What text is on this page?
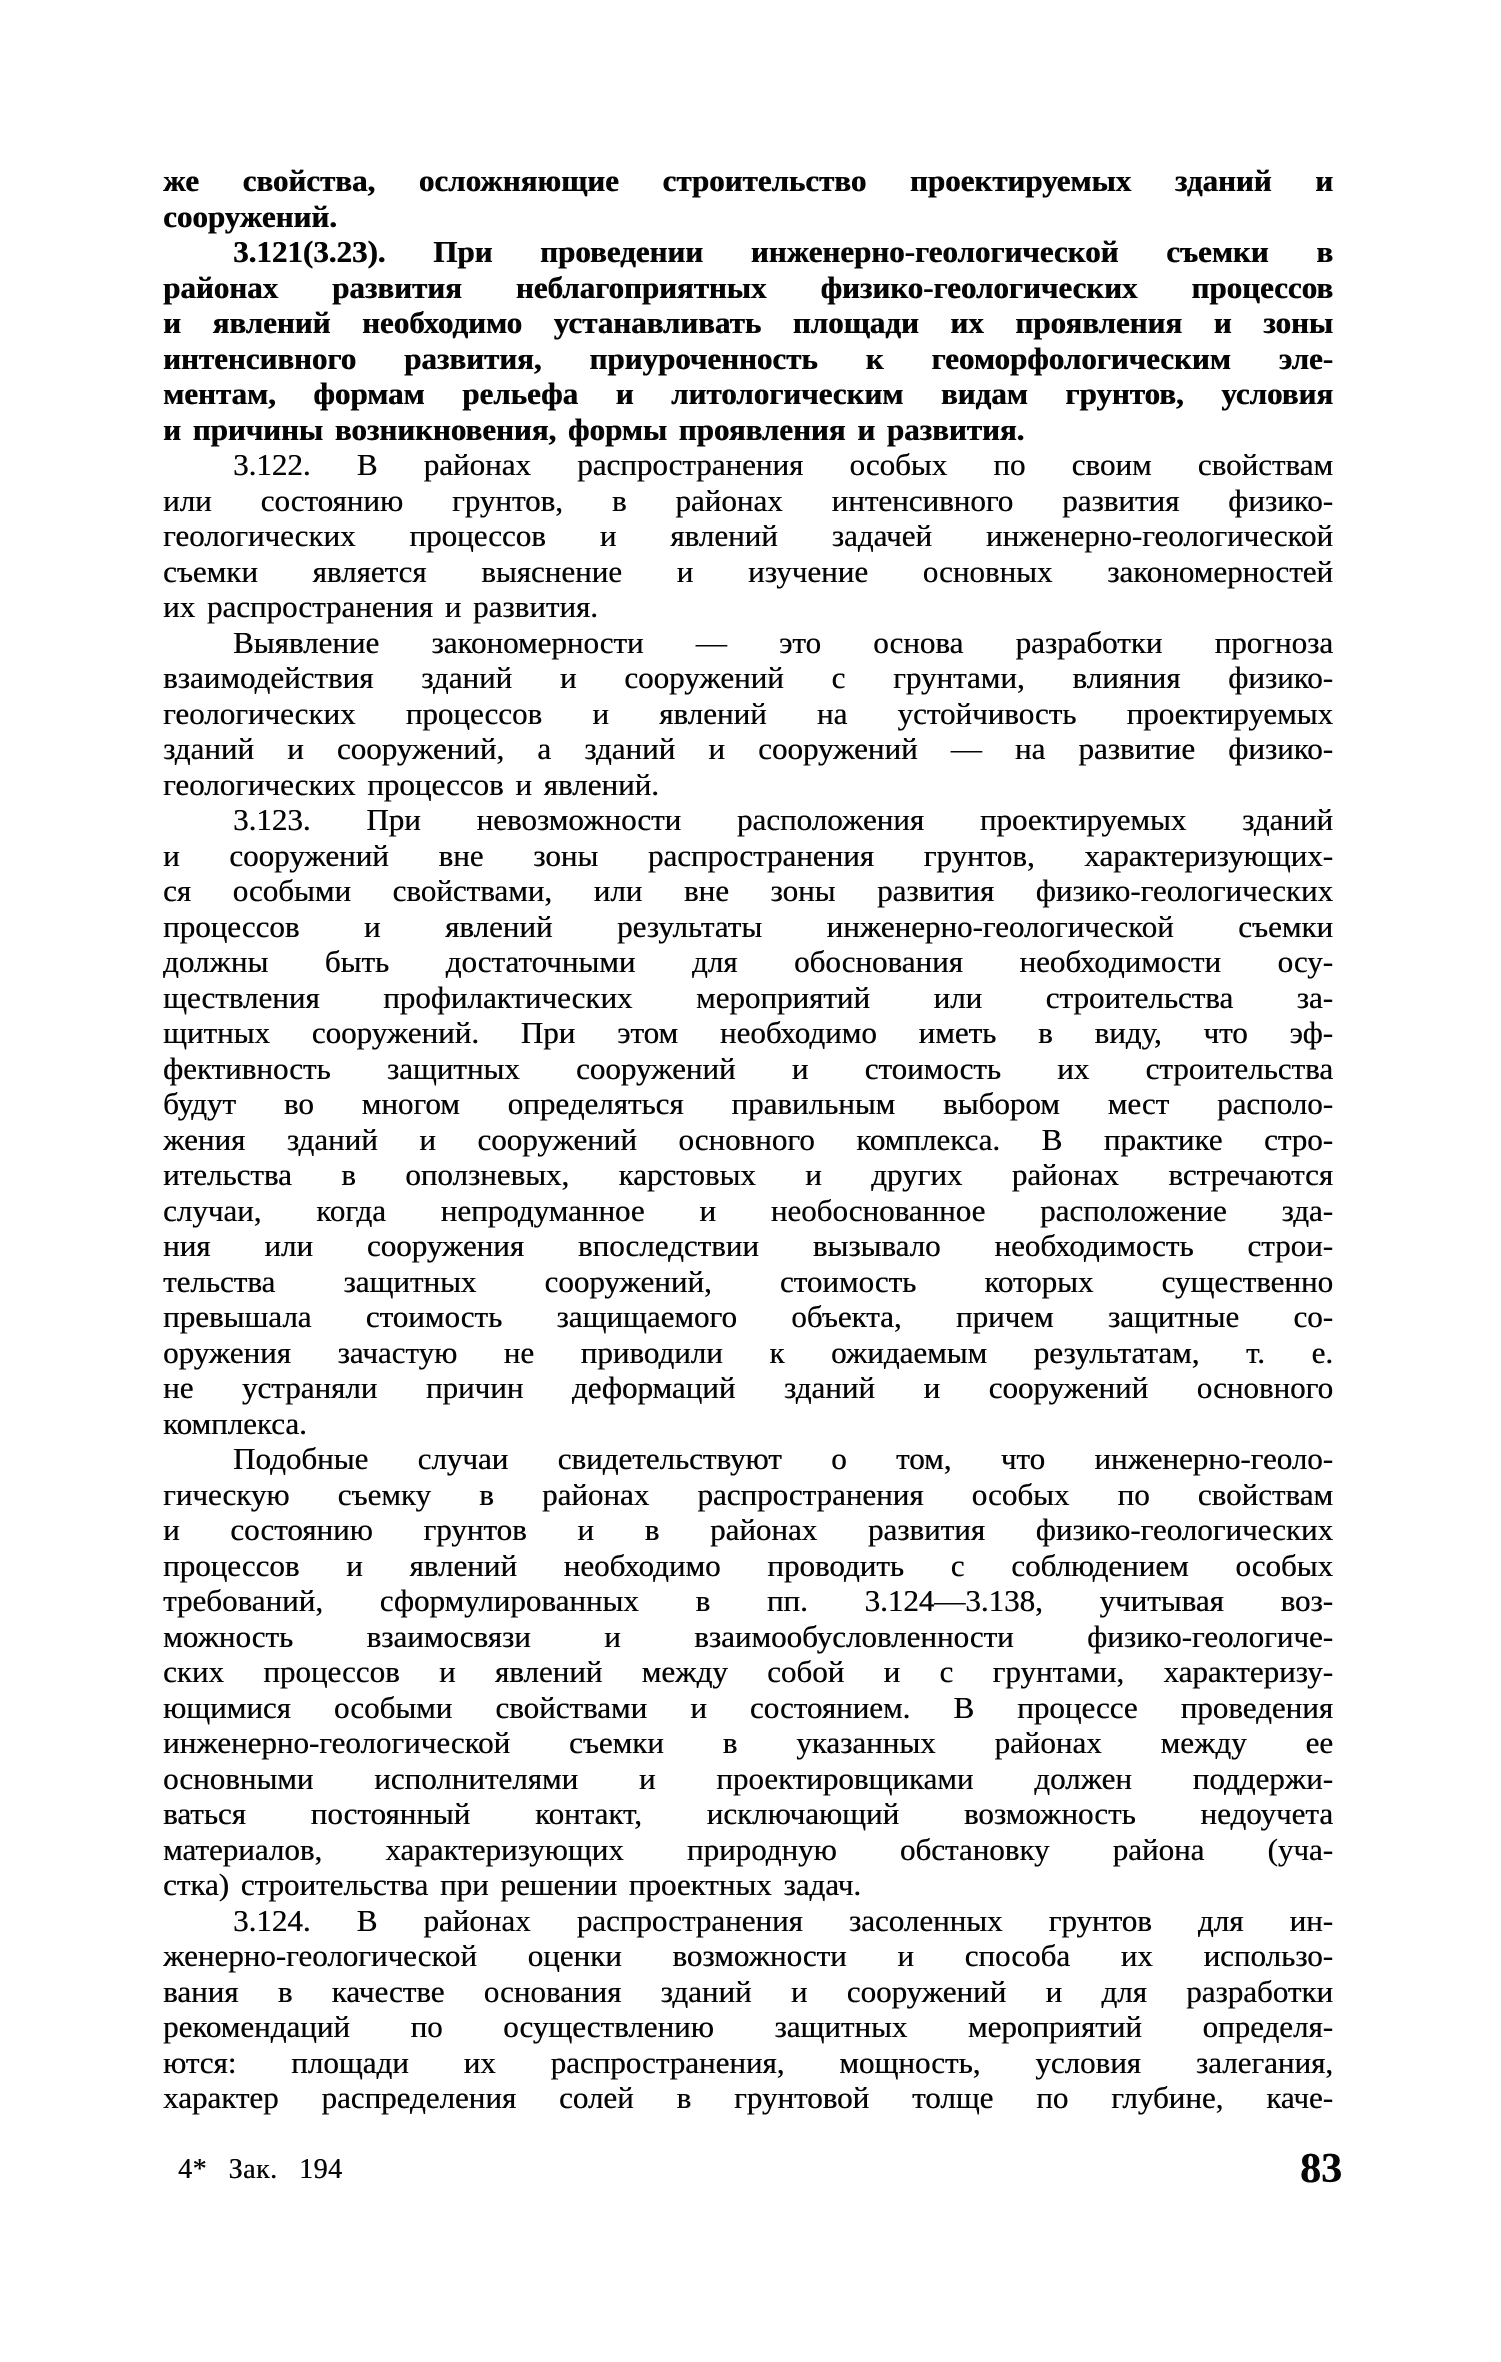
же свойства, осложняющие строительство проектируемых зданий и
сооружений.
3.121(3.23). При проведении инженерно-геологической съемки в
районах развития неблагоприятных физико-геологических процессов
и явлений необходимо устанавливать площади их проявления и зоны
интенсивного развития, приуроченность к геоморфологическим эле-
ментам, формам рельефа и литологическим видам грунтов, условия
и причины возникновения, формы проявления и развития.
3.122. В районах распространения особых по своим свойствам
или состоянию грунтов, в районах интенсивного развития физико-
геологических процессов и явлений задачей инженерно-геологической
съемки является выяснение и изучение основных закономерностей
их распространения и развития.
Выявление закономерности — это основа разработки прогноза
взаимодействия зданий и сооружений с грунтами, влияния физико-
геологических процессов и явлений на устойчивость проектируемых
зданий и сооружений, а зданий и сооружений — на развитие физико-
геологических процессов и явлений.
3.123. При невозможности расположения проектируемых зданий
и сооружений вне зоны распространения грунтов, характеризующих-
ся особыми свойствами, или вне зоны развития физико-геологических
процессов и явлений результаты инженерно-геологической съемки
должны быть достаточными для обоснования необходимости осу-
ществления профилактических мероприятий или строительства за-
щитных сооружений. При этом необходимо иметь в виду, что эф-
фективность защитных сооружений и стоимость их строительства
будут во многом определяться правильным выбором мест располо-
жения зданий и сооружений основного комплекса. В практике стро-
ительства в оползневых, карстовых и других районах встречаются
случаи, когда непродуманное и необоснованное расположение зда-
ния или сооружения впоследствии вызывало необходимость строи-
тельства защитных сооружений, стоимость которых существенно
превышала стоимость защищаемого объекта, причем защитные со-
оружения зачастую не приводили к ожидаемым результатам, т. е.
не устраняли причин деформаций зданий и сооружений основного
комплекса.
Подобные случаи свидетельствуют о том, что инженерно-геоло-
гическую съемку в районах распространения особых по свойствам
и состоянию грунтов и в районах развития физико-геологических
процессов и явлений необходимо проводить с соблюдением особых
требований, сформулированных в пп. 3.124—3.138, учитывая воз-
можность взаимосвязи и взаимообусловленности физико-геологиче-
ских процессов и явлений между собой и с грунтами, характеризу-
ющимися особыми свойствами и состоянием. В процессе проведения
инженерно-геологической съемки в указанных районах между ее
основными исполнителями и проектировщиками должен поддержи-
ваться постоянный контакт, исключающий возможность недоучета
материалов, характеризующих природную обстановку района (уча-
стка) строительства при решении проектных задач.
3.124. В районах распространения засоленных грунтов для ин-
женерно-геологической оценки возможности и способа их использо-
вания в качестве основания зданий и сооружений и для разработки
рекомендаций по осуществлению защитных мероприятий определя-
ются: площади их распространения, мощность, условия залегания,
характер распределения солей в грунтовой толще по глубине, каче-
4* Зак. 194	83
